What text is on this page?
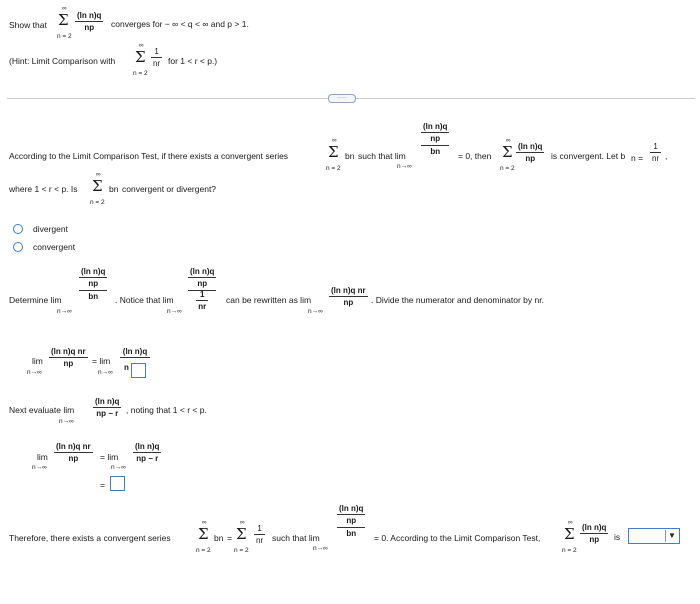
Show that
∞
Σ
n = 2
(ln n)q
np converges for − ∞ < q < ∞ and p > 1.
(Hint: Limit Comparison with
∞
Σ
n = 2
1
nr for 1 < r < p.)
·····
According to the Limit Comparison Test, if there exists a convergent series
∞
Σ
n = 2
bn such that lim
n→∞
$\frac{\text{(ln n)q}}{np}$
bn = 0, then
∞
Σ
n = 2
(ln n)q
np is convergent. Let b n =
1
nr ,
where 1 < r < p. Is
∞
Σ
n = 2
bn convergent or divergent?
divergent
convergent
Determine lim
n→∞
$\frac{\text{(ln n)q}}{np}$
bn . Notice that lim
n→∞
$\frac{\text{(ln n)q}}{np}$
$\frac{1}{nr}$ can be rewritten as lim
n→∞
(ln n)q nr
np . Divide the numerator and denominator by nr.
lim
n→∞
(ln n)q nr
np = lim
n→∞
(ln n)q
n
Next evaluate lim
n→∞
(ln n)q
np − r , noting that 1 < r < p.
lim
n→∞
(ln n)q nr
np	= lim
n→∞
(ln n)q
np − r
=
Therefore, there exists a convergent series
∞
Σ
n = 2
bn =
∞
Σ
n = 2
1
nr such that lim
n→∞
$\frac{\text{(ln n)q}}{np}$
bn = 0. According to the Limit Comparison Test,
∞
Σ
n = 2
(ln n)q
np is	▼
